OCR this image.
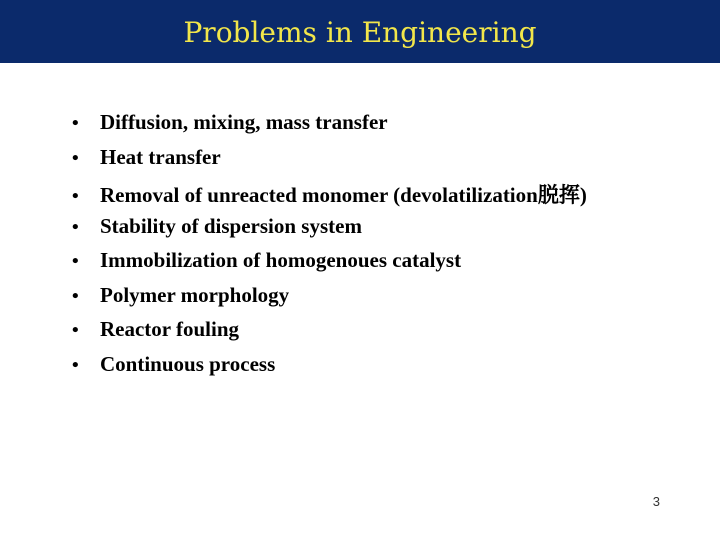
Problems in Engineering
• Diffusion, mixing, mass transfer
• Heat transfer
• Removal of unreacted monomer (devolatilization脱挥)
• Stability of dispersion system
• Immobilization of homogenoues catalyst
• Polymer morphology
• Reactor fouling
• Continuous process
3
